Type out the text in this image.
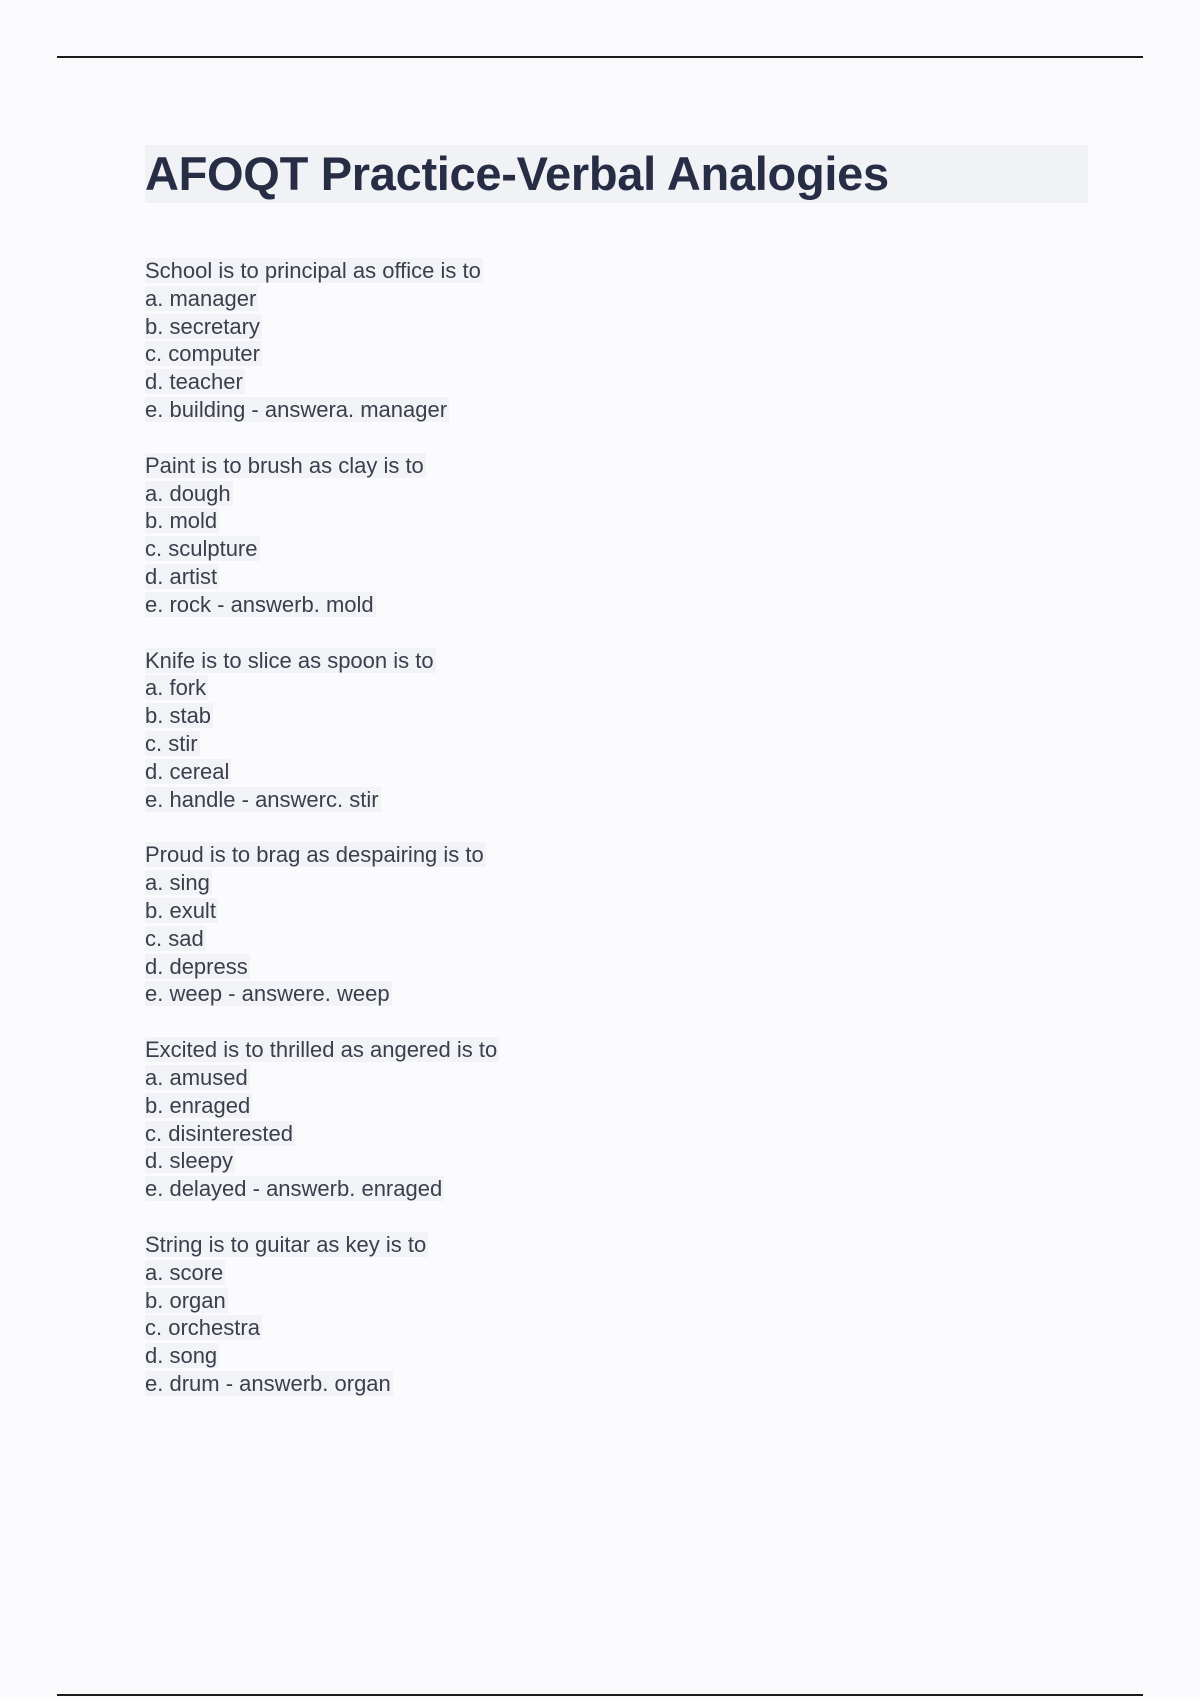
AFOQT Practice-Verbal Analogies
School is to principal as office is to
a. manager
b. secretary
c. computer
d. teacher
e. building - answera. manager
Paint is to brush as clay is to
a. dough
b. mold
c. sculpture
d. artist
e. rock - answerb. mold
Knife is to slice as spoon is to
a. fork
b. stab
c. stir
d. cereal
e. handle - answerc. stir
Proud is to brag as despairing is to
a. sing
b. exult
c. sad
d. depress
e. weep - answere. weep
Excited is to thrilled as angered is to
a. amused
b. enraged
c. disinterested
d. sleepy
e. delayed - answerb. enraged
String is to guitar as key is to
a. score
b. organ
c. orchestra
d. song
e. drum - answerb. organ
